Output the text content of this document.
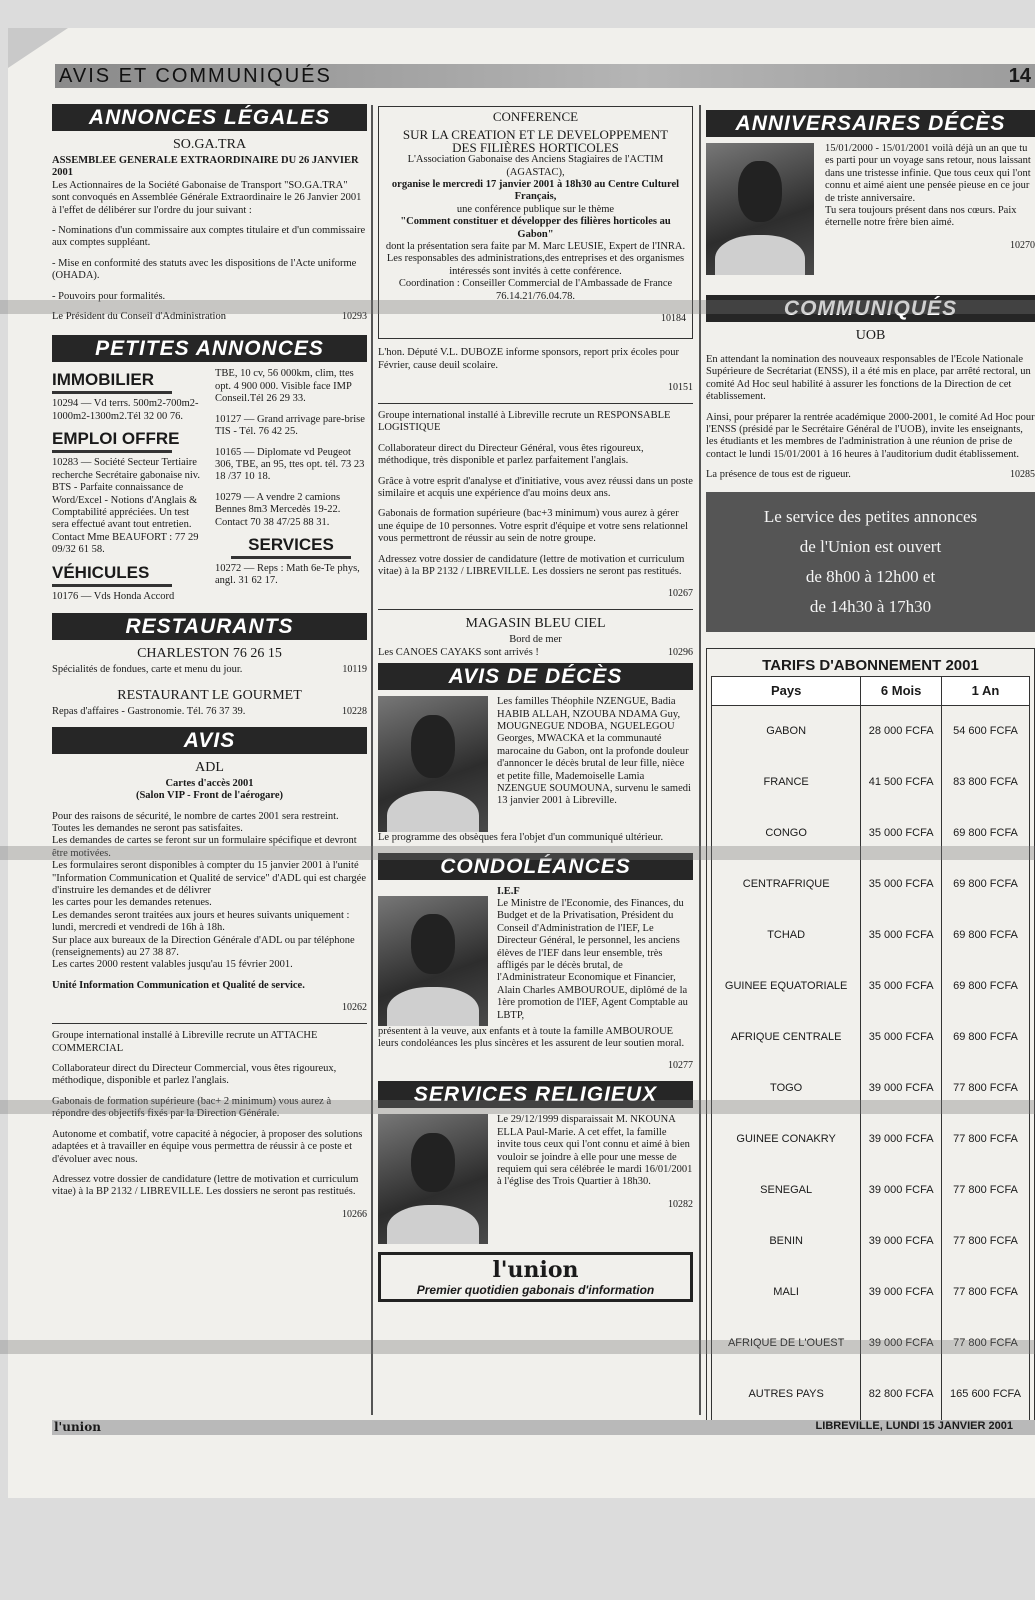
AVIS ET COMMUNIQUÉS	14
ANNONCES LÉGALES
SO.GA.TRA

ASSEMBLEE GENERALE EXTRAORDINAIRE DU 26 JANVIER 2001

Les Actionnaires de la Société Gabonaise de Transport "SO.GA.TRA" sont convoqués en Assemblée Générale Extraordinaire le 26 Janvier 2001 à l'effet de délibérer sur l'ordre du jour suivant :

- Nominations d'un commissaire aux comptes titulaire et d'un commissaire aux comptes suppléant.

- Mise en conformité des statuts avec les dispositions de l'Acte uniforme (OHADA).

- Pouvoirs pour formalités.

Le Président du Conseil d'Administration	10293
PETITES ANNONCES
IMMOBILIER

10294 — Vd terrs. 500m2-700m2-1000m2-1300m2.Tél 32 00 76.

EMPLOI OFFRE

10283 — Société Secteur Tertiaire recherche Secrétaire gabonaise niv. BTS - Parfaite connaissance de Word/Excel - Notions d'Anglais & Comptabilité appréciées. Un test sera effectué avant tout entretien. Contact Mme BEAUFORT : 77 29 09/32 61 58.

VÉHICULES

10176 — Vds Honda Accord

TBE, 10 cv, 56 000km, clim, ttes opt. 4 900 000. Visible face IMP Conseil.Tél 26 29 33.

10127 — Grand arrivage pare-brise TIS - Tél. 76 42 25.

10165 — Diplomate vd Peugeot 306, TBE, an 95, ttes opt. tél. 73 23 18 /37 10 18.

10279 — A vendre 2 camions Bennes 8m3 Mercedès 19-22. Contact 70 38 47/25 88 31.

SERVICES

10272 — Reps : Math 6e-Te phys, angl. 31 62 17.

RESTAURANTS
CHARLESTON 76 26 15
Spécialités de fondues, carte et menu du jour.	10119
RESTAURANT LE GOURMET
Repas d'affaires - Gastronomie. Tél. 76 37 39.	10228
AVIS
ADL

Cartes d'accès 2001

(Salon VIP - Front de l'aérogare)

Pour des raisons de sécurité, le nombre de cartes 2001 sera restreint. Toutes les demandes ne seront pas satisfaites.

Les demandes de cartes se feront sur un formulaire spécifique et devront être motivées.

Les formulaires seront disponibles à compter du 15 janvier 2001 à l'unité "Information Communication et Qualité de service" d'ADL qui est chargée d'instruire les demandes et de délivrer

les cartes pour les demandes retenues.

Les demandes seront traitées aux jours et heures suivants uniquement : lundi, mercredi et vendredi de 16h à 18h.

Sur place aux bureaux de la Direction Générale d'ADL ou par téléphone (renseignements) au 27 38 87.

Les cartes 2000 restent valables jusqu'au 15 février 2001.

Unité Information Communication et Qualité de service.

10262

Groupe international installé à Libreville recrute un ATTACHE COMMERCIAL

Collaborateur direct du Directeur Commercial, vous êtes rigoureux, méthodique, disponible et parlez l'anglais.

Gabonais de formation supérieure (bac+ 2 minimum) vous aurez à répondre des objectifs fixés par la Direction Générale.

Autonome et combatif, votre capacité à négocier, à proposer des solutions adaptées et à travailler en équipe vous permettra de réussir à ce poste et d'évoluer avec nous.

Adressez votre dossier de candidature (lettre de motivation et curriculum vitae) à la BP 2132 / LIBREVILLE. Les dossiers ne seront pas restitués.

10266

CONFERENCE

SUR LA CREATION ET LE DEVELOPPEMENT

DES FILIÈRES HORTICOLES

L'Association Gabonaise des Anciens Stagiaires de l'ACTIM (AGASTAC),

organise le mercredi 17 janvier 2001 à 18h30 au Centre Culturel Français,

une conférence publique sur le thème

"Comment constituer et développer des filières horticoles au Gabon"

dont la présentation sera faite par M. Marc LEUSIE, Expert de l'INRA.

Les responsables des administrations,des entreprises et des organismes intéressés sont invités à cette conférence.

Coordination : Conseiller Commercial de l'Ambassade de France 76.14.21/76.04.78.

10184

L'hon. Député V.L. DUBOZE informe sponsors, report prix écoles pour Février, cause deuil scolaire.

10151

Groupe international installé à Libreville recrute un RESPONSABLE LOGISTIQUE

Collaborateur direct du Directeur Général, vous êtes rigoureux, méthodique, très disponible et parlez parfaitement l'anglais.

Grâce à votre esprit d'analyse et d'initiative, vous avez réussi dans un poste similaire et acquis une expérience d'au moins deux ans.

Gabonais de formation supérieure (bac+3 minimum) vous aurez à gérer une équipe de 10 personnes. Votre esprit d'équipe et votre sens relationnel vous permettront de réussir au sein de notre groupe.

Adressez votre dossier de candidature (lettre de motivation et curriculum vitae) à la BP 2132 / LIBREVILLE. Les dossiers ne seront pas restitués.

10267

MAGASIN BLEU CIEL

Bord de mer

Les CANOES CAYAKS sont arrivés !	10296
AVIS DE DÉCÈS

Les familles Théophile NZENGUE, Badia HABIB ALLAH, NZOUBA NDAMA Guy, MOUGNEGUE NDOBA, NGUELEGOU Georges, MWACKA et la communauté marocaine du Gabon, ont la profonde douleur d'annoncer le décès brutal de leur fille, nièce et petite fille, Mademoiselle Lamia NZENGUE SOUMOUNA, survenu le samedi 13 janvier 2001 à Libreville.

Le programme des obsèques fera l'objet d'un communiqué ultérieur.

CONDOLÉANCES

I.E.F

Le Ministre de l'Economie, des Finances, du Budget et de la Privatisation, Président du Conseil d'Administration de l'IEF, Le Directeur Général, le personnel, les anciens élèves de l'IEF dans leur ensemble, très affligés par le décès brutal, de l'Administrateur Economique et Financier, Alain Charles AMBOUROUE, diplômé de la 1ère promotion de l'IEF, Agent Comptable au LBTP,

présentent à la veuve, aux enfants et à toute la famille AMBOUROUE leurs condoléances les plus sincères et les assurent de leur soutien moral.

10277

SERVICES RELIGIEUX

Le 29/12/1999 disparaissait M. NKOUNA ELLA Paul-Marie. A cet effet, la famille invite tous ceux qui l'ont connu et aimé à bien vouloir se joindre à elle pour une messe de requiem qui sera célébrée le mardi 16/01/2001 à l'église des Trois Quartier à 18h30.

10282

l'union
Premier quotidien gabonais d'information
ANNIVERSAIRES DÉCÈS

15/01/2000 - 15/01/2001 voilà déjà un an que tu es parti pour un voyage sans retour, nous laissant dans une tristesse infinie. Que tous ceux qui l'ont connu et aimé aient une pensée pieuse en ce jour de triste anniversaire.

Tu sera toujours présent dans nos cœurs. Paix éternelle notre frère bien aimé.

10270

COMMUNIQUÉS
UOB

En attendant la nomination des nouveaux responsables de l'Ecole Nationale Supérieure de Secrétariat (ENSS), il a été mis en place, par arrêté rectoral, un comité Ad Hoc seul habilité à assurer les fonctions de la Direction de cet établissement.

Ainsi, pour préparer la rentrée académique 2000-2001, le comité Ad Hoc pour l'ENSS (présidé par le Secrétaire Général de l'UOB), invite les enseignants, les étudiants et les membres de l'administration à une réunion de prise de contact le lundi 15/01/2001 à 16 heures à l'auditorium dudit établissement.

La présence de tous est de rigueur.	10285
Le service des petites annonces
de l'Union est ouvert
de 8h00 à 12h00 et
de 14h30 à 17h30
TARIFS D'ABONNEMENT 2001
Pays	6 Mois	1 An
GABON	28 000 FCFA	54 600 FCFA
FRANCE	41 500 FCFA	83 800 FCFA
CONGO	35 000 FCFA	69 800 FCFA
CENTRAFRIQUE	35 000 FCFA	69 800 FCFA
TCHAD	35 000 FCFA	69 800 FCFA
GUINEE EQUATORIALE	35 000 FCFA	69 800 FCFA
AFRIQUE CENTRALE	35 000 FCFA	69 800 FCFA
TOGO	39 000 FCFA	77 800 FCFA
GUINEE CONAKRY	39 000 FCFA	77 800 FCFA
SENEGAL	39 000 FCFA	77 800 FCFA
BENIN	39 000 FCFA	77 800 FCFA
MALI	39 000 FCFA	77 800 FCFA
AFRIQUE DE L'OUEST	39 000 FCFA	77 800 FCFA
AUTRES PAYS	82 800 FCFA	165 600 FCFA
l'union	LIBREVILLE, LUNDI 15 JANVIER 2001
